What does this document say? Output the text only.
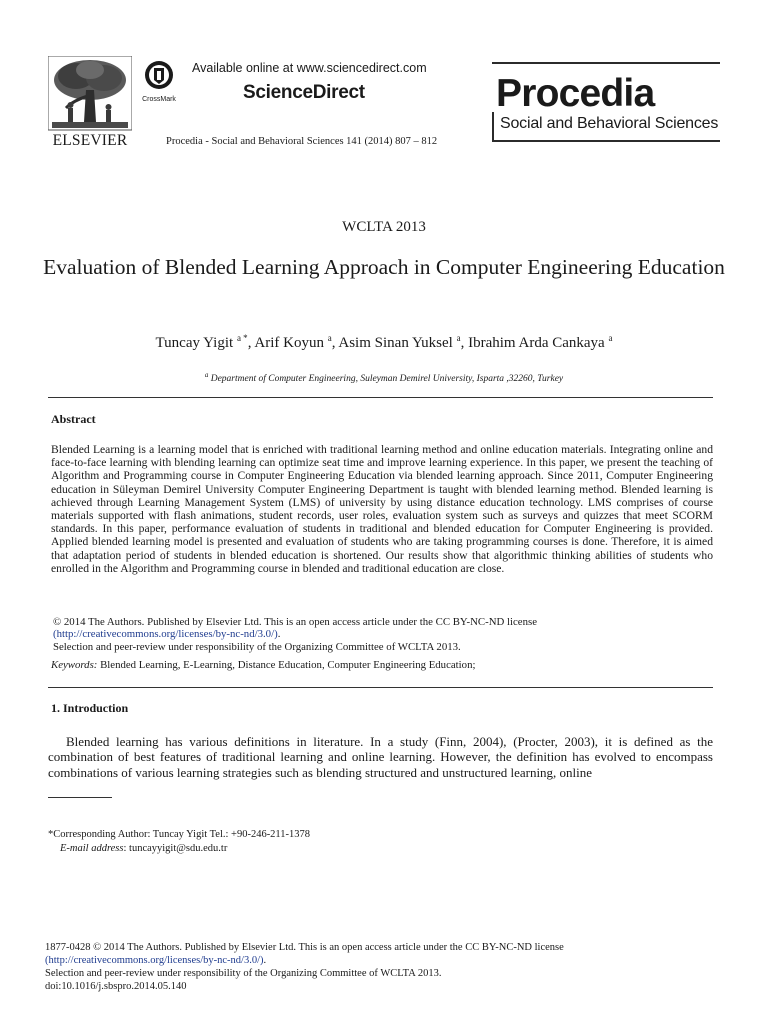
ELSEVIER
CrossMark
Available online at www.sciencedirect.com
ScienceDirect
Procedia - Social and Behavioral Sciences 141 (2014) 807 – 812
Procedia
Social and Behavioral Sciences
WCLTA 2013
Evaluation of Blended Learning Approach in Computer Engineering Education
Tuncay Yigit $^{a *}$, Arif Koyun $^a$, Asim Sinan Yuksel $^a$, Ibrahim Arda Cankaya $^a$
$^a$ Department of Computer Engineering, Suleyman Demirel University, Isparta ,32260, Turkey
Abstract
Blended Learning is a learning model that is enriched with traditional learning method and online education materials. Integrating online and face-to-face learning with blending learning can optimize seat time and improve learning experience. In this paper, we present the teaching of Algorithm and Programming course in Computer Engineering Education via blended learning approach. Since 2011, Computer Engineering education in Süleyman Demirel University Computer Engineering Department is taught with blended learning method. Blended learning is achieved through Learning Management System (LMS) of university by using distance education technology. LMS comprises of course materials supported with flash animations, student records, user roles, evaluation system such as surveys and quizzes that meet SCORM standards. In this paper, performance evaluation of students in traditional and blended education for Computer Engineering is provided. Applied blended learning model is presented and evaluation of students who are taking programming courses is done. Therefore, it is aimed that adaptation period of students in blended education is shortened. Our results show that algorithmic thinking abilities of students who enrolled in the Algorithm and Programming course in blended and traditional education are close.
© 2014 The Authors. Published by Elsevier Ltd. This is an open access article under the CC BY-NC-ND license
(http://creativecommons.org/licenses/by-nc-nd/3.0/).
Selection and peer-review under responsibility of the Organizing Committee of WCLTA 2013.
Keywords: Blended Learning, E-Learning, Distance Education, Computer Engineering Education;
1. Introduction
Blended learning has various definitions in literature. In a study (Finn, 2004), (Procter, 2003), it is defined as the combination of best features of traditional learning and online learning. However, the definition has evolved to encompass combinations of various learning strategies such as blending structured and unstructured learning, online
*Corresponding Author: Tuncay Yigit Tel.: +90-246-211-1378
E-mail address: tuncayyigit@sdu.edu.tr
1877-0428 © 2014 The Authors. Published by Elsevier Ltd. This is an open access article under the CC BY-NC-ND license
(http://creativecommons.org/licenses/by-nc-nd/3.0/).
Selection and peer-review under responsibility of the Organizing Committee of WCLTA 2013.
doi:10.1016/j.sbspro.2014.05.140
